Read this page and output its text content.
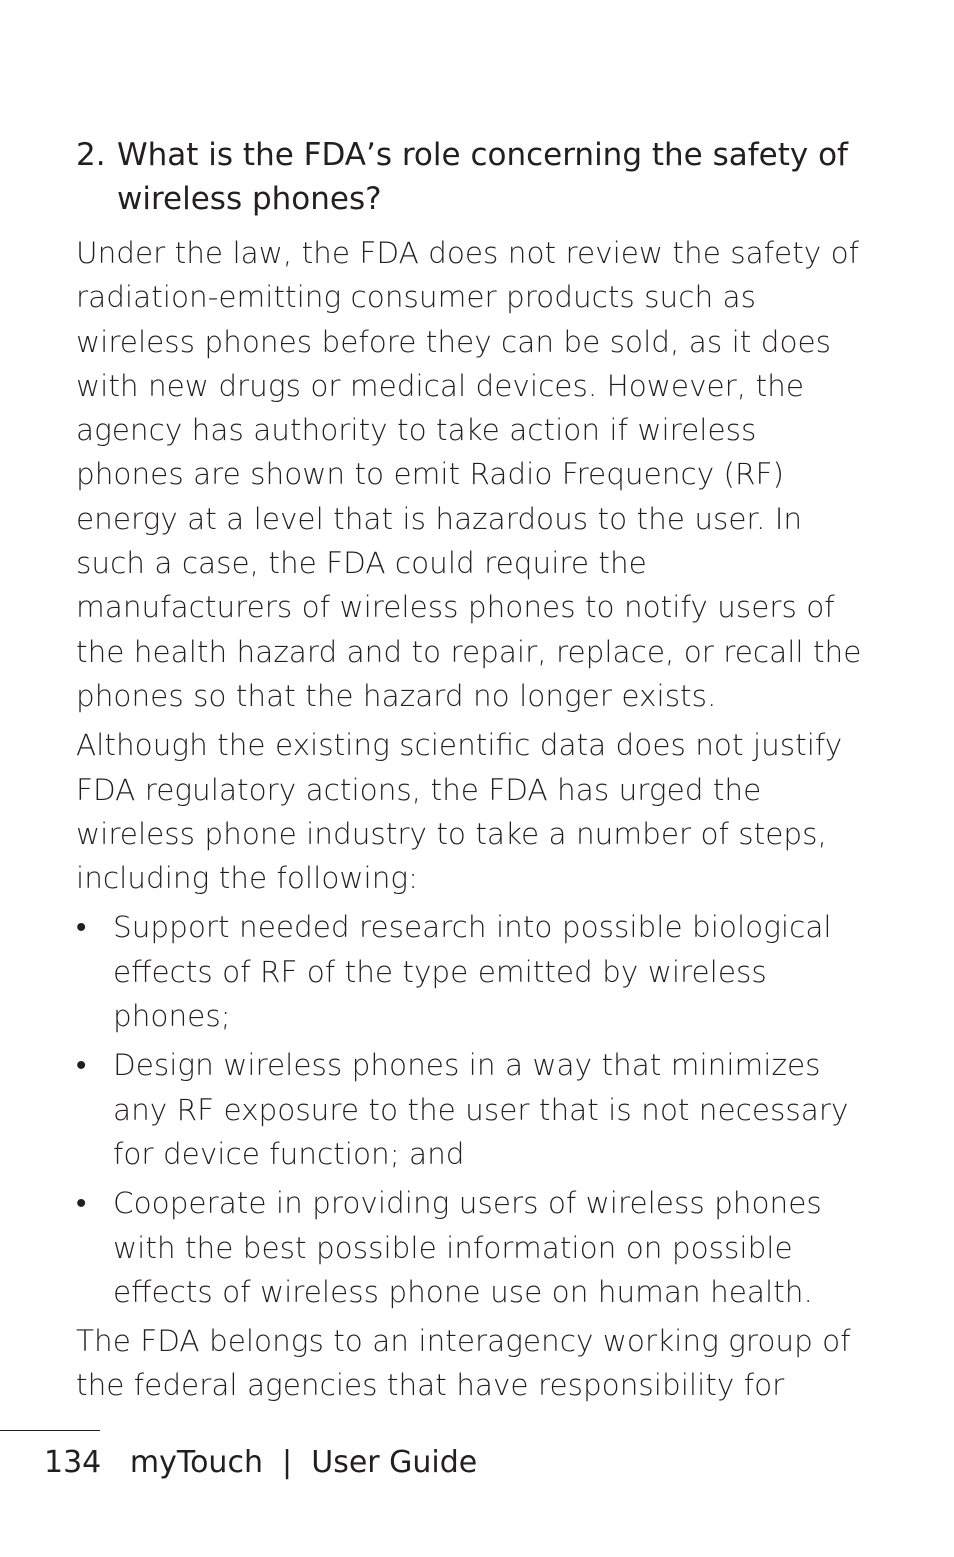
2. What is the FDA’s role concerning the safety of wireless phones?

Under the law, the FDA does not review the safety of radiation-emitting consumer products such as wireless phones before they can be sold, as it does with new drugs or medical devices. However, the agency has authority to take action if wireless phones are shown to emit Radio Frequency (RF) energy at a level that is hazardous to the user. In such a case, the FDA could require the manufacturers of wireless phones to notify users of the health hazard and to repair, replace, or recall the phones so that the hazard no longer exists.

Although the existing scientific data does not justify FDA regulatory actions, the FDA has urged the wireless phone industry to take a number of steps, including the following:

• Support needed research into possible biological effects of RF of the type emitted by wireless phones;
• Design wireless phones in a way that minimizes any RF exposure to the user that is not necessary for device function; and
• Cooperate in providing users of wireless phones with the best possible information on possible effects of wireless phone use on human health.

The FDA belongs to an interagency working group of the federal agencies that have responsibility for

134 myTouch | User Guide
